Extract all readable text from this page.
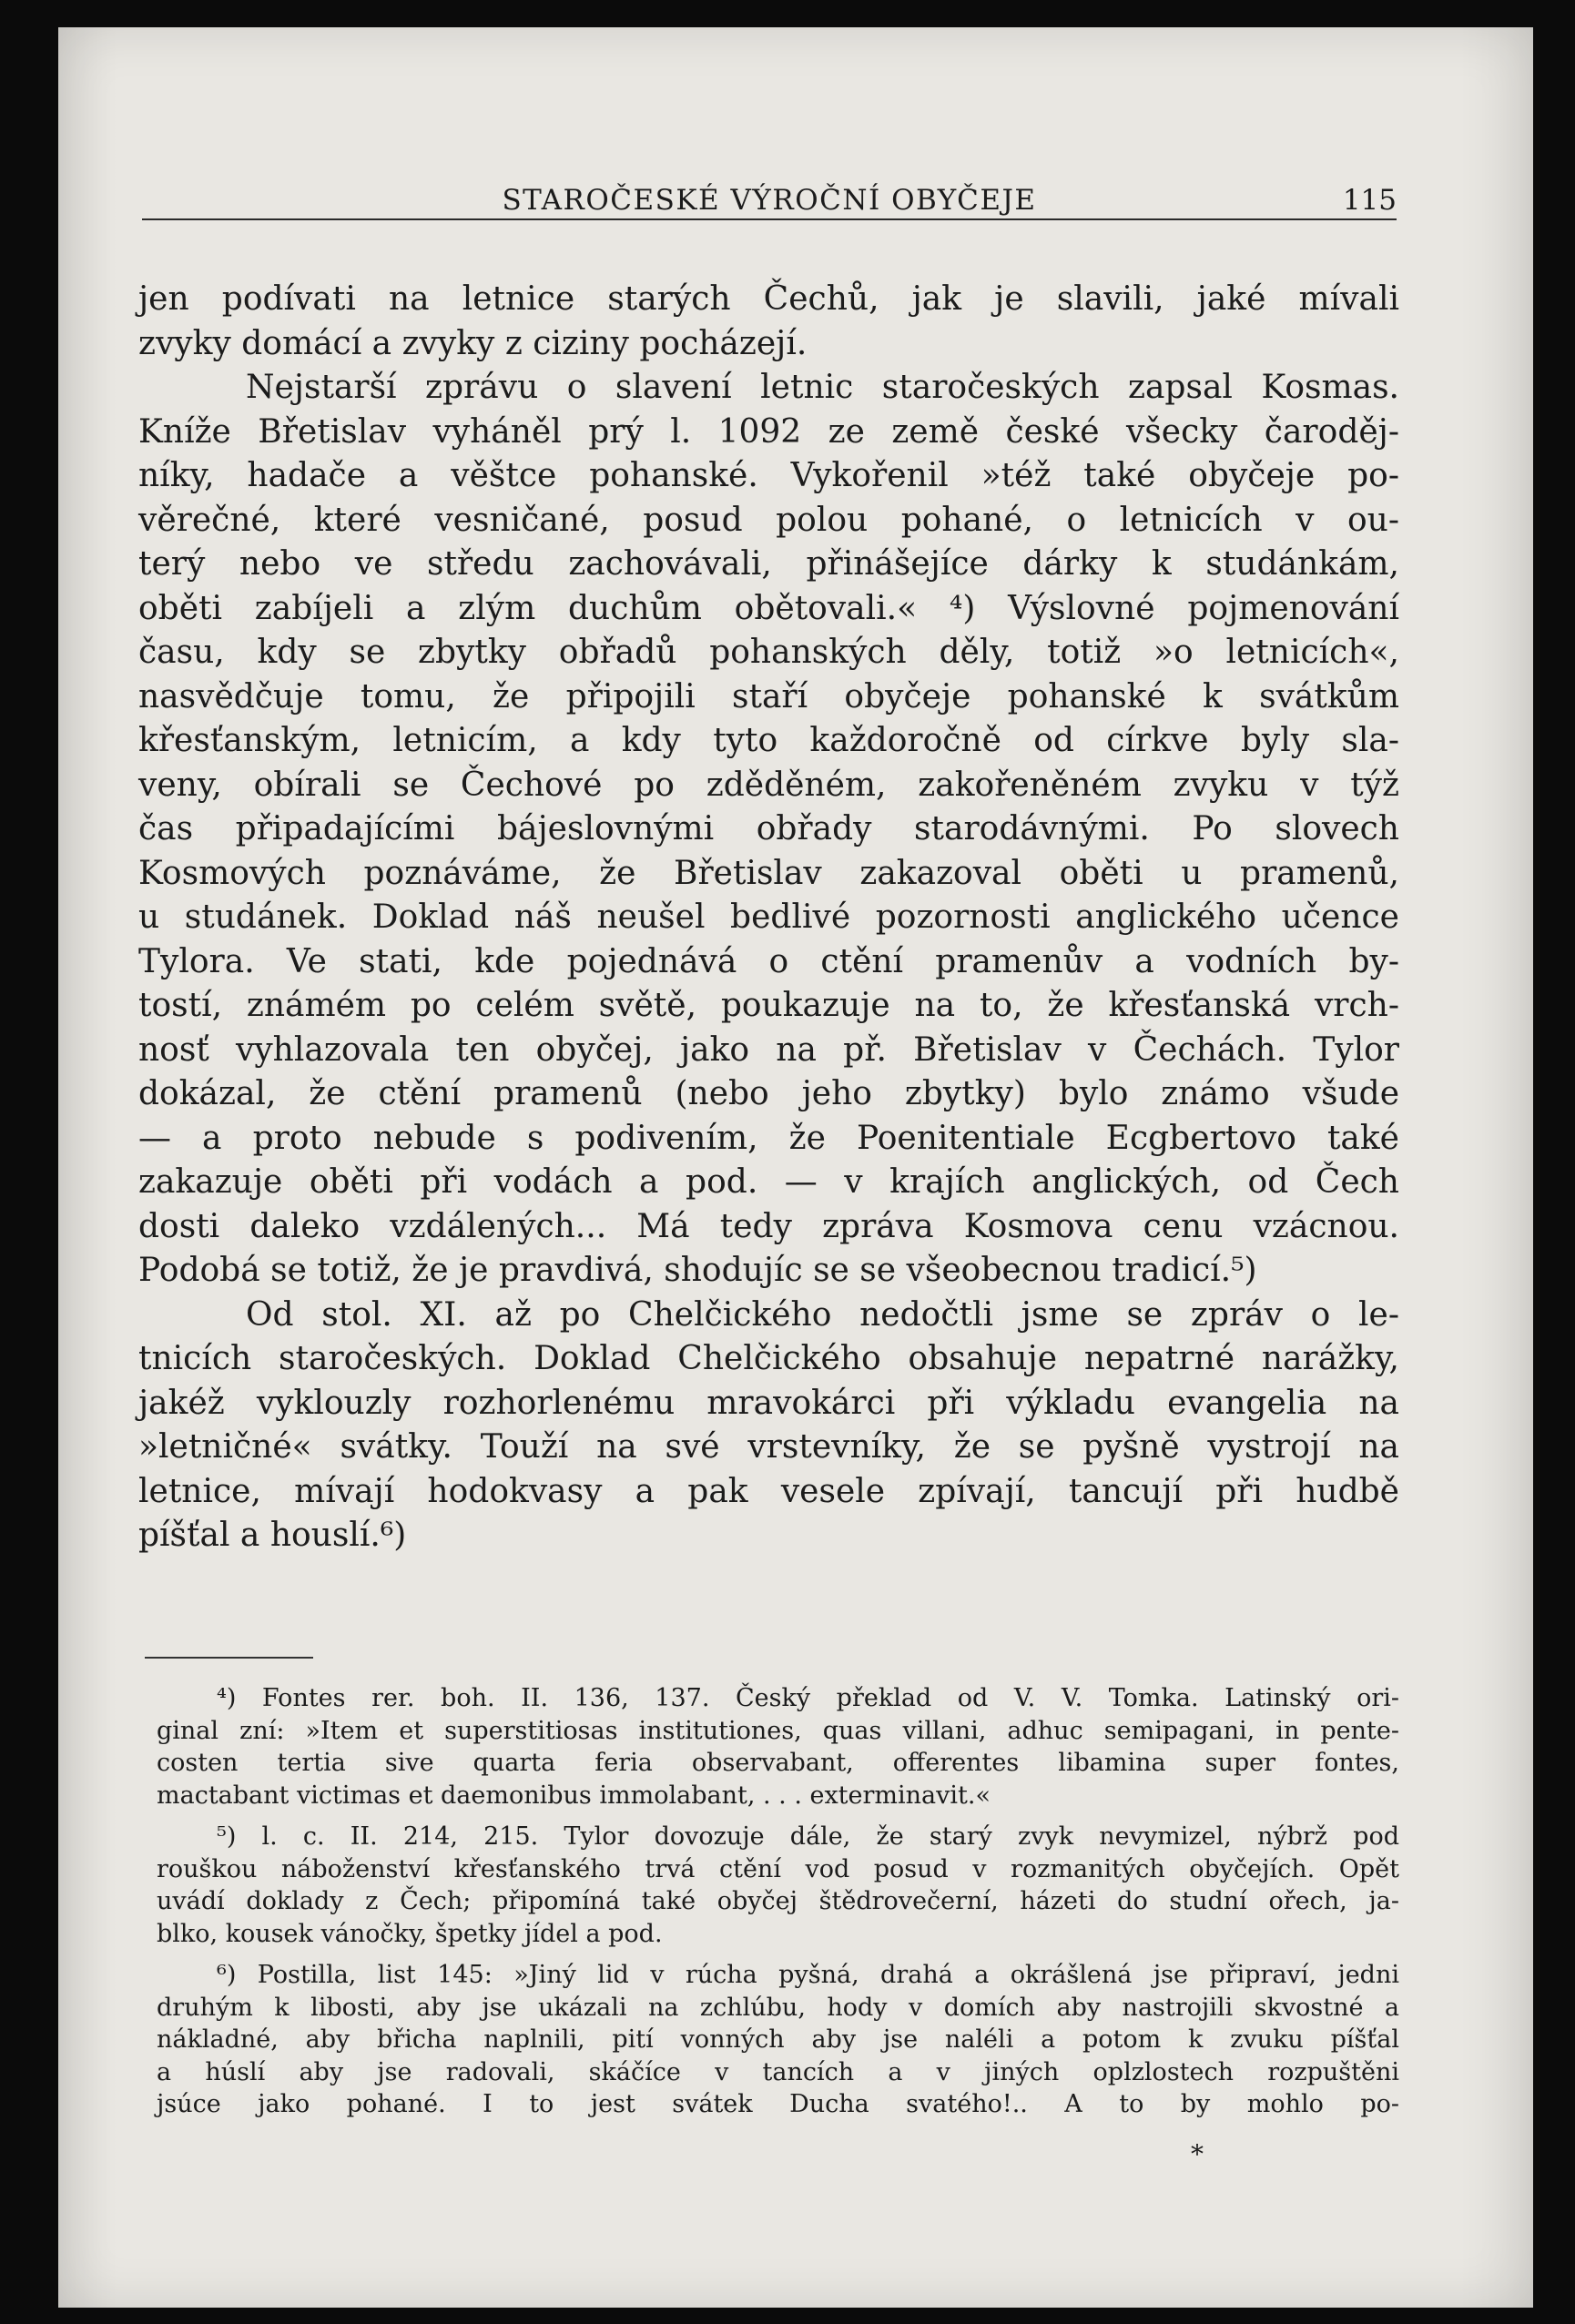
STAROČESKÉ VÝROČNÍ OBYČEJE	115
jen podívati na letnice starých Čechů, jak je slavili, jaké mívali
zvyky domácí a zvyky z ciziny pocházejí.
Nejstarší zprávu o slavení letnic staročeských zapsal Kosmas.
Kníže Břetislav vyháněl prý l. 1092 ze země české všecky čaroděj-
níky, hadače a věštce pohanské. Vykořenil »též také obyčeje po-
věrečné, které vesničané, posud polou pohané, o letnicích v ou-
terý nebo ve středu zachovávali, přinášejíce dárky k studánkám,
oběti zabíjeli a zlým duchům obětovali.« ⁴) Výslovné pojmenování
času, kdy se zbytky obřadů pohanských děly, totiž »o letnicích«,
nasvědčuje tomu, že připojili staří obyčeje pohanské k svátkům
křesťanským, letnicím, a kdy tyto každoročně od církve byly sla-
veny, obírali se Čechové po zděděném, zakořeněném zvyku v týž
čas připadajícími bájeslovnými obřady starodávnými. Po slovech
Kosmových poznáváme, že Břetislav zakazoval oběti u pramenů,
u studánek. Doklad náš neušel bedlivé pozornosti anglického učence
Tylora. Ve stati, kde pojednává o ctění pramenův a vodních by-
tostí, známém po celém světě, poukazuje na to, že křesťanská vrch-
nosť vyhlazovala ten obyčej, jako na př. Břetislav v Čechách. Tylor
dokázal, že ctění pramenů (nebo jeho zbytky) bylo známo všude
— a proto nebude s podivením, že Poenitentiale Ecgbertovo také
zakazuje oběti při vodách a pod. — v krajích anglických, od Čech
dosti daleko vzdálených... Má tedy zpráva Kosmova cenu vzácnou.
Podobá se totiž, že je pravdivá, shodujíc se se všeobecnou tradicí.⁵)
Od stol. XI. až po Chelčického nedočtli jsme se zpráv o le-
tnicích staročeských. Doklad Chelčického obsahuje nepatrné narážky,
jakéž vyklouzly rozhorlenému mravokárci při výkladu evangelia na
»letničné« svátky. Touží na své vrstevníky, že se pyšně vystrojí na
letnice, mívají hodokvasy a pak vesele zpívají, tancují při hudbě
píšťal a houslí.⁶)
⁴) Fontes rer. boh. II. 136, 137. Český překlad od V. V. Tomka. Latinský ori-
ginal zní: »Item et superstitiosas institutiones, quas villani, adhuc semipagani, in pente-
costen tertia sive quarta feria observabant, offerentes libamina super fontes,
mactabant victimas et daemonibus immolabant, . . . exterminavit.«
⁵) l. c. II. 214, 215. Tylor dovozuje dále, že starý zvyk nevymizel, nýbrž pod
rouškou náboženství křesťanského trvá ctění vod posud v rozmanitých obyčejích. Opět
uvádí doklady z Čech; připomíná také obyčej štědrovečerní, házeti do studní ořech, ja-
blko, kousek vánočky, špetky jídel a pod.
⁶) Postilla, list 145: »Jiný lid v rúcha pyšná, drahá a okrášlená jse připraví, jedni
druhým k libosti, aby jse ukázali na zchlúbu, hody v domích aby nastrojili skvostné a
nákladné, aby břicha naplnili, pití vonných aby jse naléli a potom k zvuku píšťal
a húslí aby jse radovali, skáčíce v tancích a v jiných oplzlostech rozpuštěni
jsúce jako pohané. I to jest svátek Ducha svatého!.. A to by mohlo po-
*
